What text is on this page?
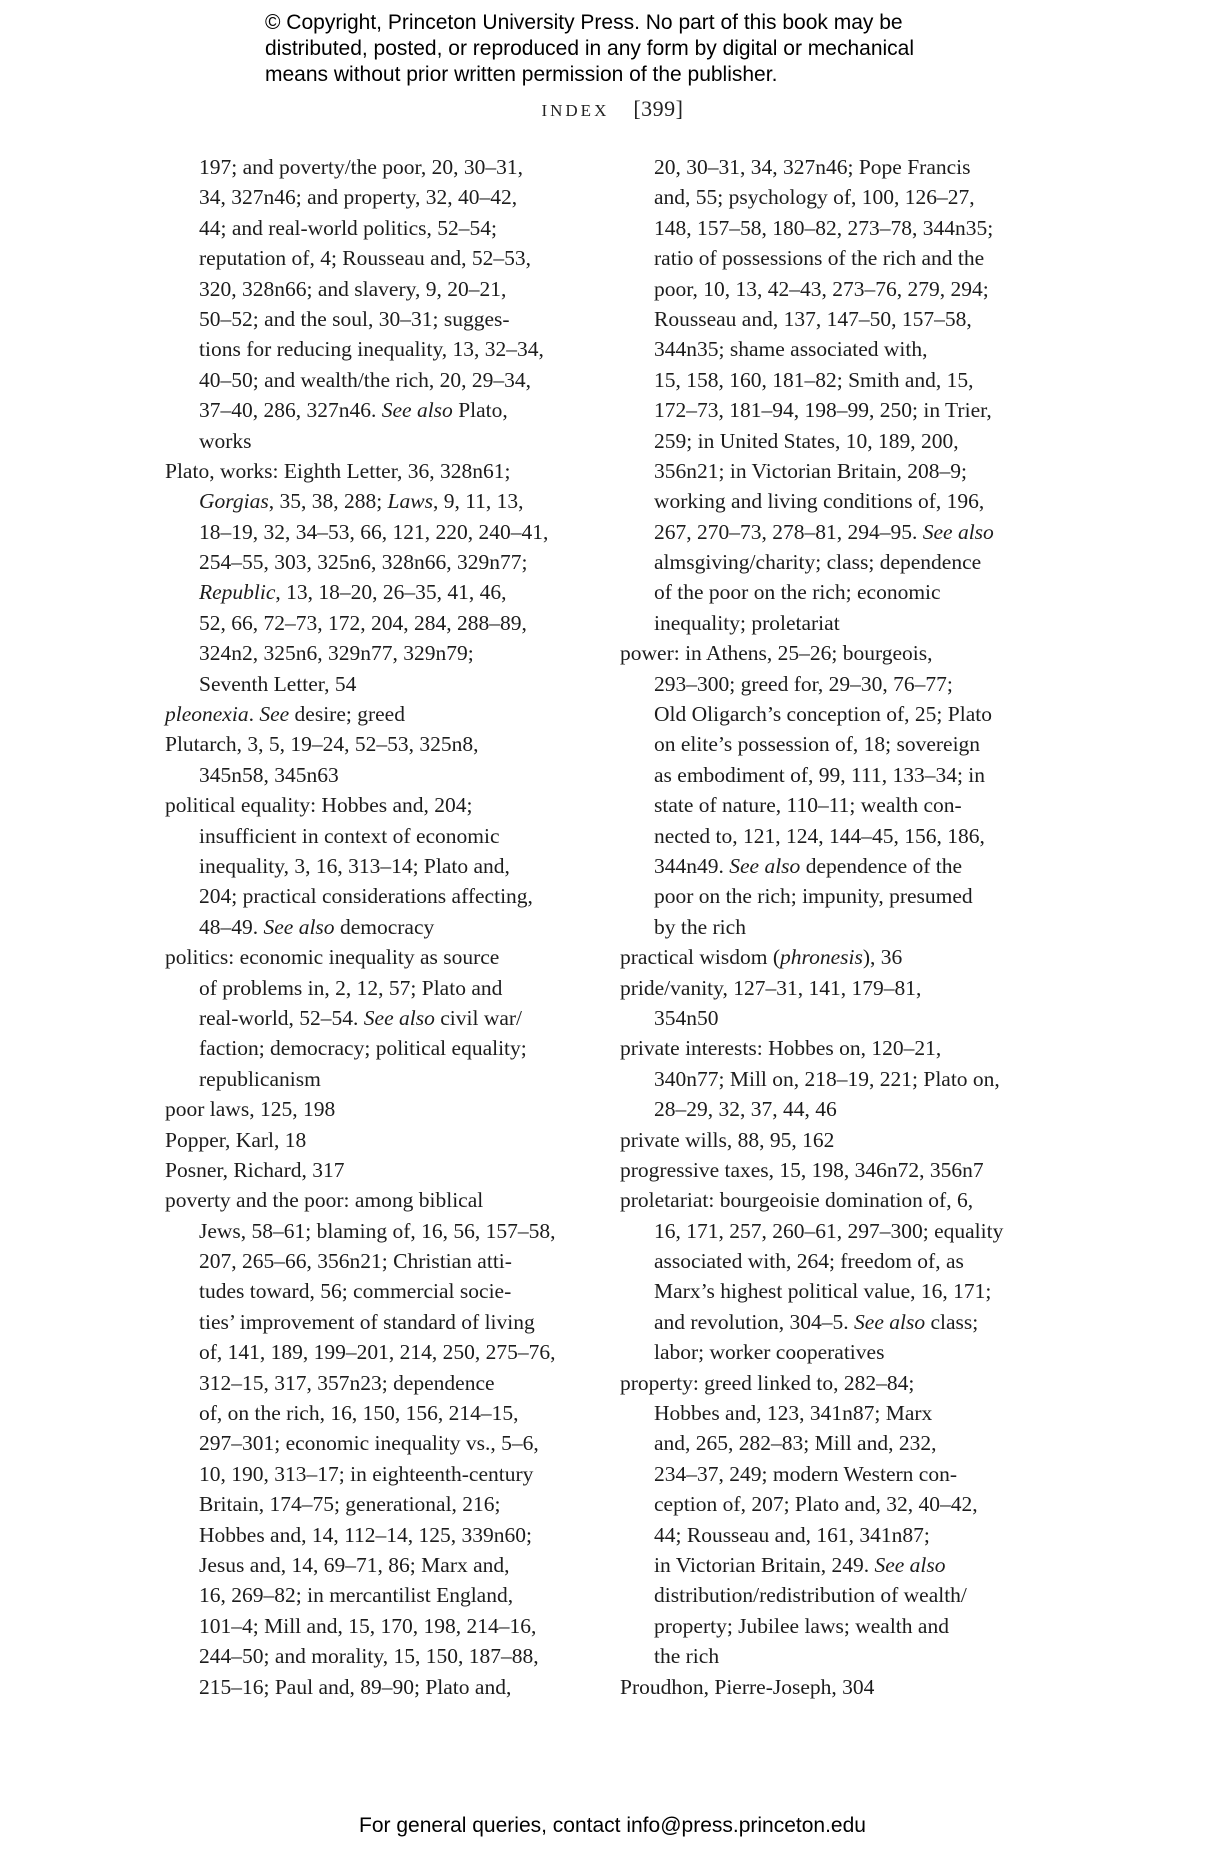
© Copyright, Princeton University Press. No part of this book may be
distributed, posted, or reproduced in any form by digital or mechanical
means without prior written permission of the publisher.
INDEX [399]
197; and poverty/the poor, 20, 30–31,
34, 327n46; and property, 32, 40–42,
44; and real-world politics, 52–54;
reputation of, 4; Rousseau and, 52–53,
320, 328n66; and slavery, 9, 20–21,
50–52; and the soul, 30–31; sugges-
tions for reducing inequality, 13, 32–34,
40–50; and wealth/the rich, 20, 29–34,
37–40, 286, 327n46. See also Plato,
works
Plato, works: Eighth Letter, 36, 328n61;
Gorgias, 35, 38, 288; Laws, 9, 11, 13,
18–19, 32, 34–53, 66, 121, 220, 240–41,
254–55, 303, 325n6, 328n66, 329n77;
Republic, 13, 18–20, 26–35, 41, 46,
52, 66, 72–73, 172, 204, 284, 288–89,
324n2, 325n6, 329n77, 329n79;
Seventh Letter, 54
pleonexia. See desire; greed
Plutarch, 3, 5, 19–24, 52–53, 325n8,
345n58, 345n63
political equality: Hobbes and, 204;
insufficient in context of economic
inequality, 3, 16, 313–14; Plato and,
204; practical considerations affecting,
48–49. See also democracy
politics: economic inequality as source
of problems in, 2, 12, 57; Plato and
real-world, 52–54. See also civil war/
faction; democracy; political equality;
republicanism
poor laws, 125, 198
Popper, Karl, 18
Posner, Richard, 317
poverty and the poor: among biblical
Jews, 58–61; blaming of, 16, 56, 157–58,
207, 265–66, 356n21; Christian atti-
tudes toward, 56; commercial socie-
ties’ improvement of standard of living
of, 141, 189, 199–201, 214, 250, 275–76,
312–15, 317, 357n23; dependence
of, on the rich, 16, 150, 156, 214–15,
297–301; economic inequality vs., 5–6,
10, 190, 313–17; in eighteenth-century
Britain, 174–75; generational, 216;
Hobbes and, 14, 112–14, 125, 339n60;
Jesus and, 14, 69–71, 86; Marx and,
16, 269–82; in mercantilist England,
101–4; Mill and, 15, 170, 198, 214–16,
244–50; and morality, 15, 150, 187–88,
215–16; Paul and, 89–90; Plato and,
20, 30–31, 34, 327n46; Pope Francis
and, 55; psychology of, 100, 126–27,
148, 157–58, 180–82, 273–78, 344n35;
ratio of possessions of the rich and the
poor, 10, 13, 42–43, 273–76, 279, 294;
Rousseau and, 137, 147–50, 157–58,
344n35; shame associated with,
15, 158, 160, 181–82; Smith and, 15,
172–73, 181–94, 198–99, 250; in Trier,
259; in United States, 10, 189, 200,
356n21; in Victorian Britain, 208–9;
working and living conditions of, 196,
267, 270–73, 278–81, 294–95. See also
almsgiving/charity; class; dependence
of the poor on the rich; economic
inequality; proletariat
power: in Athens, 25–26; bourgeois,
293–300; greed for, 29–30, 76–77;
Old Oligarch’s conception of, 25; Plato
on elite’s possession of, 18; sovereign
as embodiment of, 99, 111, 133–34; in
state of nature, 110–11; wealth con-
nected to, 121, 124, 144–45, 156, 186,
344n49. See also dependence of the
poor on the rich; impunity, presumed
by the rich
practical wisdom (phronesis), 36
pride/vanity, 127–31, 141, 179–81,
354n50
private interests: Hobbes on, 120–21,
340n77; Mill on, 218–19, 221; Plato on,
28–29, 32, 37, 44, 46
private wills, 88, 95, 162
progressive taxes, 15, 198, 346n72, 356n7
proletariat: bourgeoisie domination of, 6,
16, 171, 257, 260–61, 297–300; equality
associated with, 264; freedom of, as
Marx’s highest political value, 16, 171;
and revolution, 304–5. See also class;
labor; worker cooperatives
property: greed linked to, 282–84;
Hobbes and, 123, 341n87; Marx
and, 265, 282–83; Mill and, 232,
234–37, 249; modern Western con-
ception of, 207; Plato and, 32, 40–42,
44; Rousseau and, 161, 341n87;
in Victorian Britain, 249. See also
distribution/redistribution of wealth/
property; Jubilee laws; wealth and
the rich
Proudhon, Pierre-Joseph, 304
For general queries, contact info@press.princeton.edu
